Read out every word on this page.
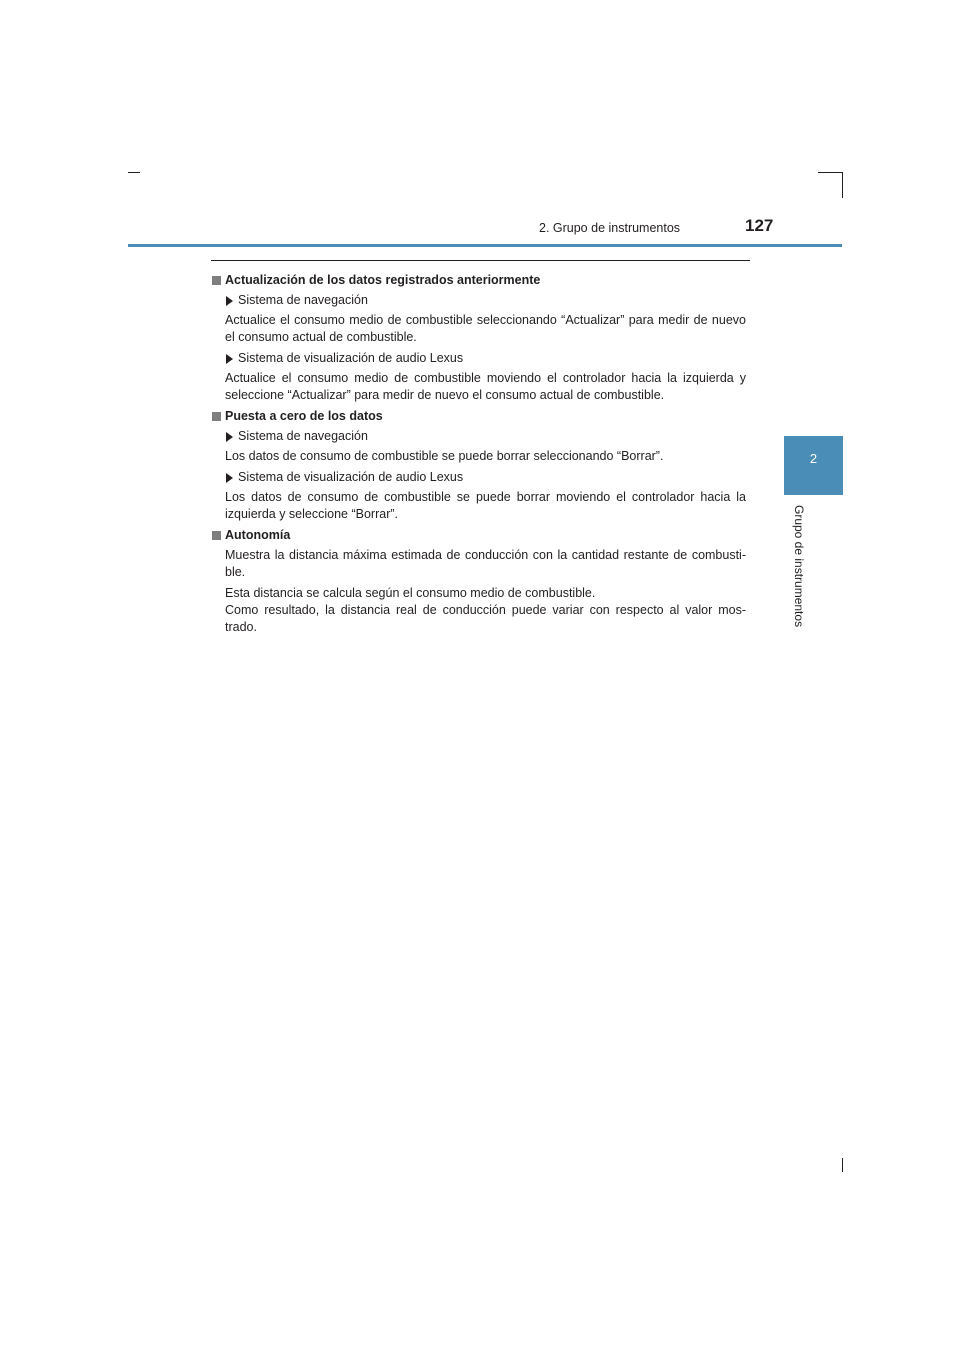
2. Grupo de instrumentos	127
2
Grupo de instrumentos
Actualización de los datos registrados anteriormente
Sistema de navegación

Actualice el consumo medio de combustible seleccionando “Actualizar” para medir de nuevo el consumo actual de combustible.

Sistema de visualización de audio Lexus

Actualice el consumo medio de combustible moviendo el controlador hacia la izquierda y seleccione “Actualizar” para medir de nuevo el consumo actual de combustible.

Puesta a cero de los datos
Sistema de navegación

Los datos de consumo de combustible se puede borrar seleccionando “Borrar”.

Sistema de visualización de audio Lexus

Los datos de consumo de combustible se puede borrar moviendo el controlador hacia la izquierda y seleccione “Borrar”.

Autonomía

Muestra la distancia máxima estimada de conducción con la cantidad restante de combusti-ble.

Esta distancia se calcula según el consumo medio de combustible.

Como resultado, la distancia real de conducción puede variar con respecto al valor mos-trado.
